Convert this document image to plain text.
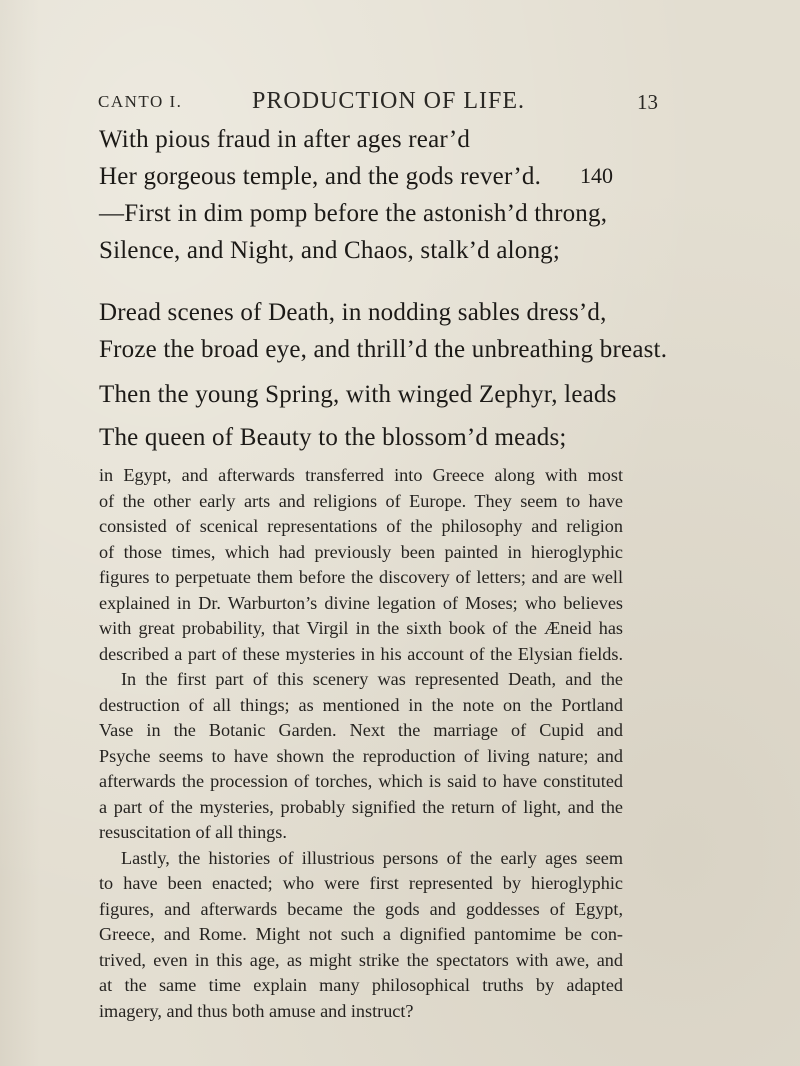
CANTO I.	PRODUCTION OF LIFE.	13
With pious fraud in after ages rear’d
Her gorgeous temple, and the gods rever’d.
—First in dim pomp before the astonish’d throng,
Silence, and Night, and Chaos, stalk’d along;
Dread scenes of Death, in nodding sables dress’d,
Froze the broad eye, and thrill’d the unbreathing breast.
Then the young Spring, with winged Zephyr, leads
The queen of Beauty to the blossom’d meads;
140
in Egypt, and afterwards transferred into Greece along with most
of the other early arts and religions of Europe. They seem to have
consisted of scenical representations of the philosophy and religion
of those times, which had previously been painted in hieroglyphic
figures to perpetuate them before the discovery of letters; and are well
explained in Dr. Warburton’s divine legation of Moses; who believes
with great probability, that Virgil in the sixth book of the Æneid has
described a part of these mysteries in his account of the Elysian fields.
In the first part of this scenery was represented Death, and the
destruction of all things; as mentioned in the note on the Portland
Vase in the Botanic Garden. Next the marriage of Cupid and
Psyche seems to have shown the reproduction of living nature; and
afterwards the procession of torches, which is said to have constituted
a part of the mysteries, probably signified the return of light, and the
resuscitation of all things.
Lastly, the histories of illustrious persons of the early ages seem
to have been enacted; who were first represented by hieroglyphic
figures, and afterwards became the gods and goddesses of Egypt,
Greece, and Rome. Might not such a dignified pantomime be con-
trived, even in this age, as might strike the spectators with awe, and
at the same time explain many philosophical truths by adapted
imagery, and thus both amuse and instruct?
